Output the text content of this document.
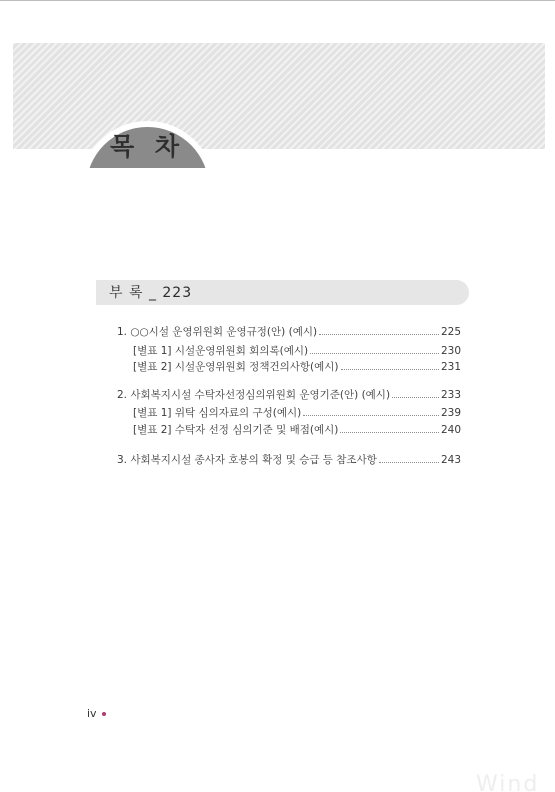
목 차
부 록 _ 223
1. ○○시설 운영위원회 운영규정(안) (예시)	225
[별표 1] 시설운영위원회 회의록(예시)	230
[별표 2] 시설운영위원회 정책건의사항(예시)	231
2. 사회복지시설 수탁자선정심의위원회 운영기준(안) (예시)	233
[별표 1] 위탁 심의자료의 구성(예시)	239
[별표 2] 수탁자 선정 심의기준 및 배점(예시)	240
3. 사회복지시설 종사자 호봉의 확정 및 승급 등 참조사항	243
iv
Wind
